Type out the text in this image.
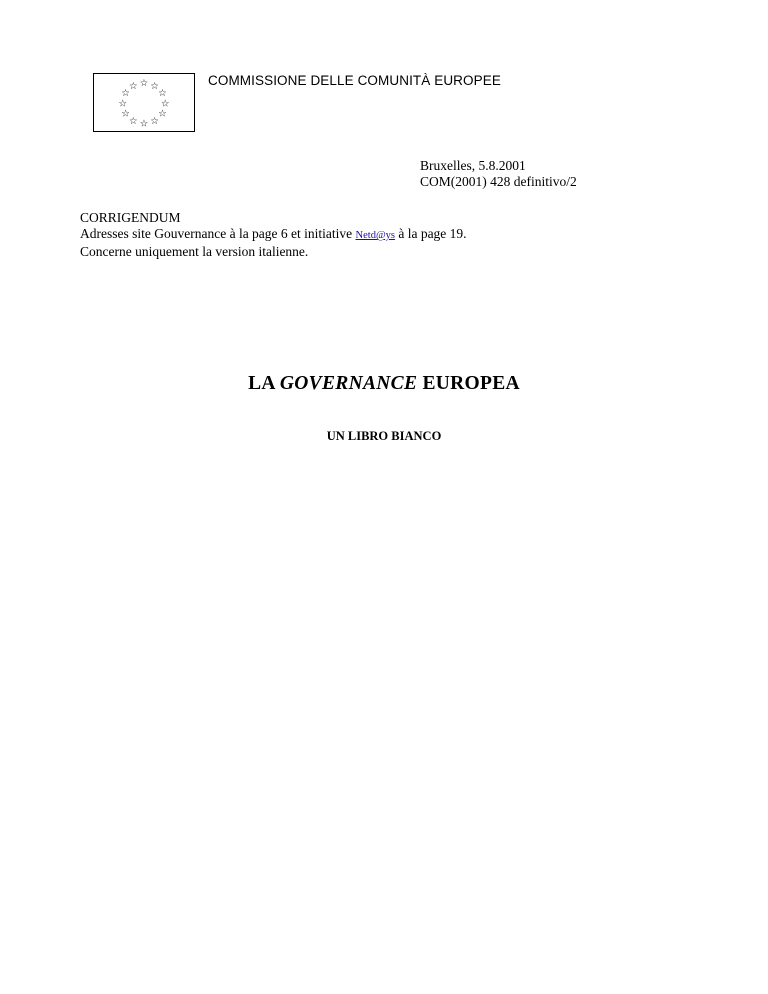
☆ ☆
☆
☆
☆
☆
☆
☆
☆
☆
☆
☆	COMMISSIONE DELLE COMUNITÀ EUROPEE
Bruxelles, 5.8.2001
COM(2001) 428 definitivo/2
CORRIGENDUM
Adresses site Gouvernance à la page 6 et initiative Netd@ys à la page 19.
Concerne uniquement la version italienne.
LA GOVERNANCE EUROPEA
UN LIBRO BIANCO
